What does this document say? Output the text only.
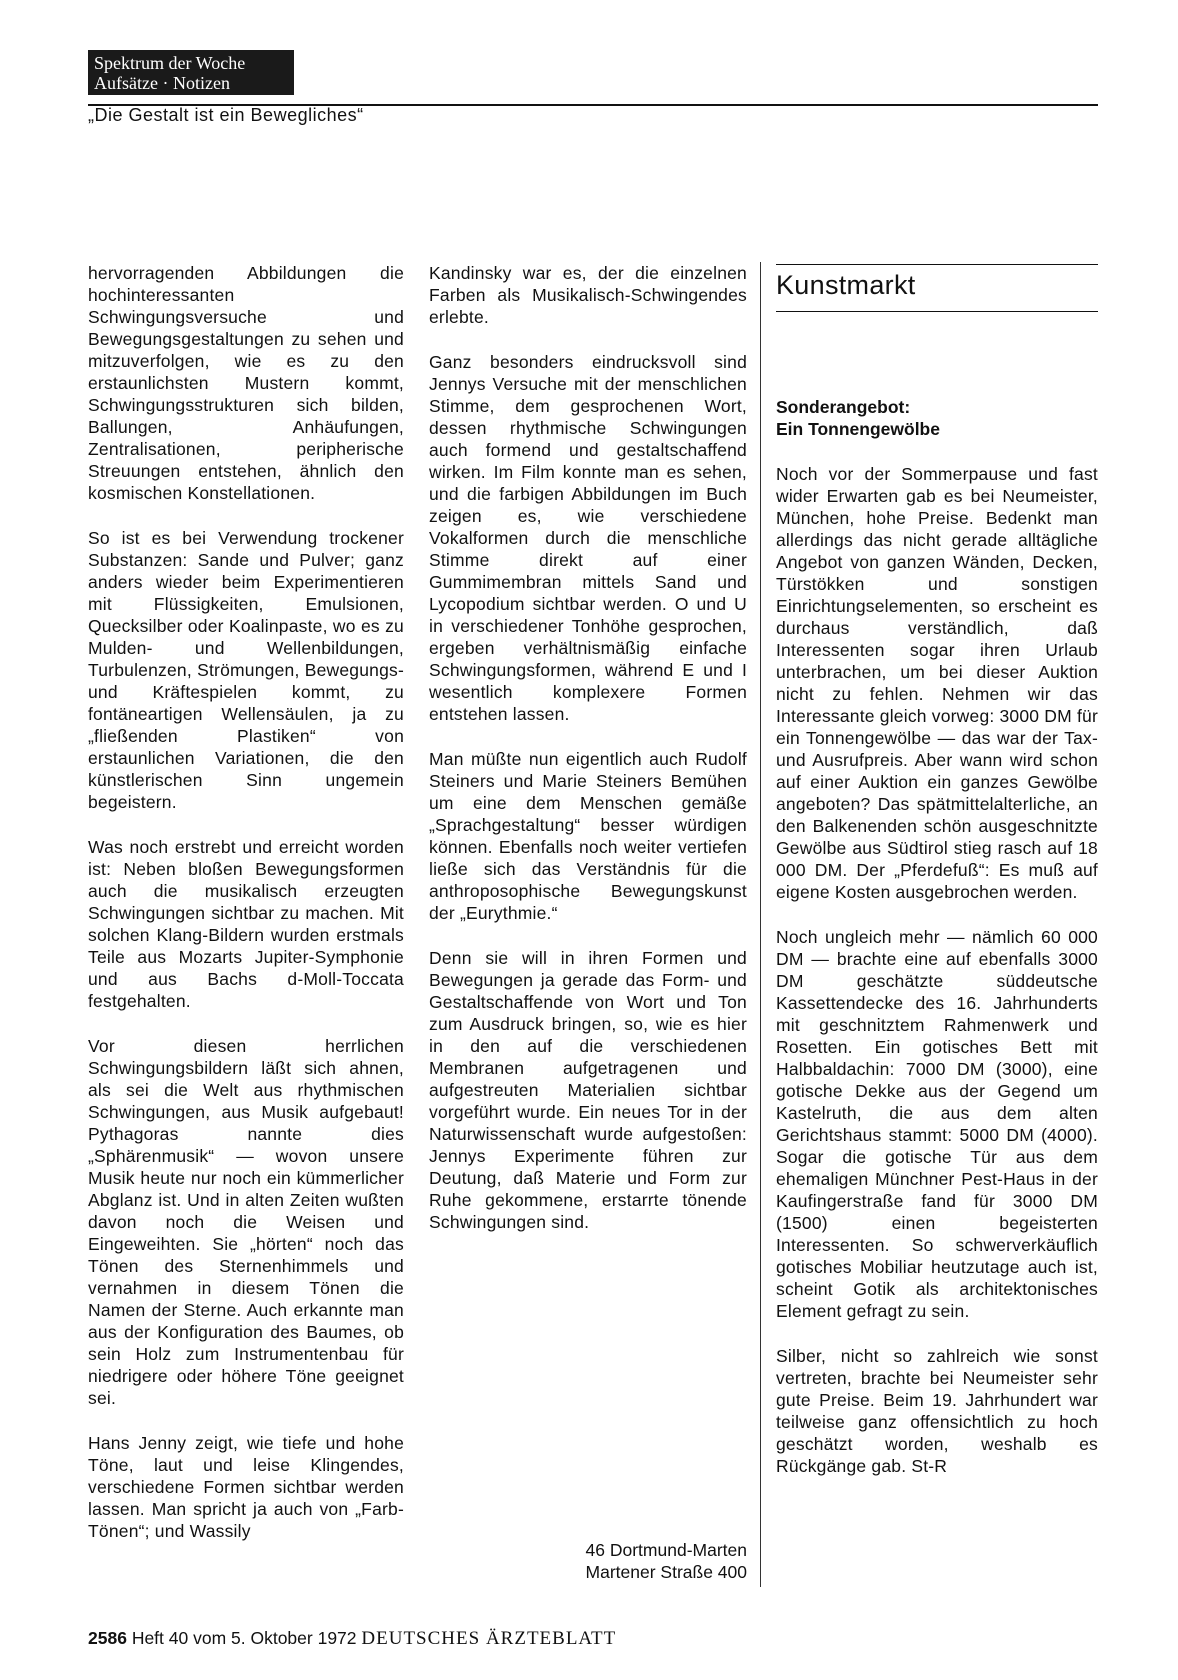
Spektrum der Woche
Aufsätze · Notizen
„Die Gestalt ist ein Bewegliches“

hervorragenden Abbildungen die hochinteressanten Schwingungsversuche und Bewegungsgestaltungen zu sehen und mitzuverfolgen, wie es zu den erstaunlichsten Mustern kommt, Schwingungsstrukturen sich bilden, Ballungen, Anhäufungen, Zentralisationen, peripherische Streuungen entstehen, ähnlich den kosmischen Konstellationen.

So ist es bei Verwendung trockener Substanzen: Sande und Pulver; ganz anders wieder beim Experimentieren mit Flüssigkeiten, Emulsionen, Quecksilber oder Koalinpaste, wo es zu Mulden- und Wellenbildungen, Turbulenzen, Strömungen, Bewegungs- und Kräftespielen kommt, zu fontäneartigen Wellensäulen, ja zu „fließenden Plastiken“ von erstaunlichen Variationen, die den künstlerischen Sinn ungemein begeistern.

Was noch erstrebt und erreicht worden ist: Neben bloßen Bewegungsformen auch die musikalisch erzeugten Schwingungen sichtbar zu machen. Mit solchen Klang-Bildern wurden erstmals Teile aus Mozarts Jupiter-Symphonie und aus Bachs d-Moll-Toccata festgehalten.

Vor diesen herrlichen Schwingungsbildern läßt sich ahnen, als sei die Welt aus rhythmischen Schwingungen, aus Musik aufgebaut! Pythagoras nannte dies „Sphärenmusik“ — wovon unsere Musik heute nur noch ein kümmerlicher Abglanz ist. Und in alten Zeiten wußten davon noch die Weisen und Eingeweihten. Sie „hörten“ noch das Tönen des Sternenhimmels und vernahmen in diesem Tönen die Namen der Sterne. Auch erkannte man aus der Konfiguration des Baumes, ob sein Holz zum Instrumentenbau für niedrigere oder höhere Töne geeignet sei.

Hans Jenny zeigt, wie tiefe und hohe Töne, laut und leise Klingendes, verschiedene Formen sichtbar werden lassen. Man spricht ja auch von „Farb-Tönen“; und Wassily

Kandinsky war es, der die einzelnen Farben als Musikalisch-Schwingendes erlebte.

Ganz besonders eindrucksvoll sind Jennys Versuche mit der menschlichen Stimme, dem gesprochenen Wort, dessen rhythmische Schwingungen auch formend und gestaltschaffend wirken. Im Film konnte man es sehen, und die farbigen Abbildungen im Buch zeigen es, wie verschiedene Vokalformen durch die menschliche Stimme direkt auf einer Gummimembran mittels Sand und Lycopodium sichtbar werden. O und U in verschiedener Tonhöhe gesprochen, ergeben verhältnismäßig einfache Schwingungsformen, während E und I wesentlich komplexere Formen entstehen lassen.

Man müßte nun eigentlich auch Rudolf Steiners und Marie Steiners Bemühen um eine dem Menschen gemäße „Sprachgestaltung“ besser würdigen können. Ebenfalls noch weiter vertiefen ließe sich das Verständnis für die anthroposophische Bewegungskunst der „Eurythmie.“

Denn sie will in ihren Formen und Bewegungen ja gerade das Form- und Gestaltschaffende von Wort und Ton zum Ausdruck bringen, so, wie es hier in den auf die verschiedenen Membranen aufgetragenen und aufgestreuten Materialien sichtbar vorgeführt wurde. Ein neues Tor in der Naturwissenschaft wurde aufgestoßen: Jennys Experimente führen zur Deutung, daß Materie und Form zur Ruhe gekommene, erstarrte tönende Schwingungen sind.

46 Dortmund-Marten
Martener Straße 400
Kunstmarkt
Sonderangebot:
Ein Tonnengewölbe

Noch vor der Sommerpause und fast wider Erwarten gab es bei Neumeister, München, hohe Preise. Bedenkt man allerdings das nicht gerade alltägliche Angebot von ganzen Wänden, Decken, Türstökken und sonstigen Einrichtungselementen, so erscheint es durchaus verständlich, daß Interessenten sogar ihren Urlaub unterbrachen, um bei dieser Auktion nicht zu fehlen. Nehmen wir das Interessante gleich vorweg: 3000 DM für ein Tonnengewölbe — das war der Tax- und Ausrufpreis. Aber wann wird schon auf einer Auktion ein ganzes Gewölbe angeboten? Das spätmittelalterliche, an den Balkenenden schön ausgeschnitzte Gewölbe aus Südtirol stieg rasch auf 18 000 DM. Der „Pferdefuß“: Es muß auf eigene Kosten ausgebrochen werden.

Noch ungleich mehr — nämlich 60 000 DM — brachte eine auf ebenfalls 3000 DM geschätzte süddeutsche Kassettendecke des 16. Jahrhunderts mit geschnitztem Rahmenwerk und Rosetten. Ein gotisches Bett mit Halbbaldachin: 7000 DM (3000), eine gotische Dekke aus der Gegend um Kastelruth, die aus dem alten Gerichtshaus stammt: 5000 DM (4000). Sogar die gotische Tür aus dem ehemaligen Münchner Pest-Haus in der Kaufingerstraße fand für 3000 DM (1500) einen begeisterten Interessenten. So schwerverkäuflich gotisches Mobiliar heutzutage auch ist, scheint Gotik als architektonisches Element gefragt zu sein.

Silber, nicht so zahlreich wie sonst vertreten, brachte bei Neumeister sehr gute Preise. Beim 19. Jahrhundert war teilweise ganz offensichtlich zu hoch geschätzt worden, weshalb es Rückgänge gab. St-R

2586 Heft 40 vom 5. Oktober 1972 DEUTSCHES ÄRZTEBLATT
